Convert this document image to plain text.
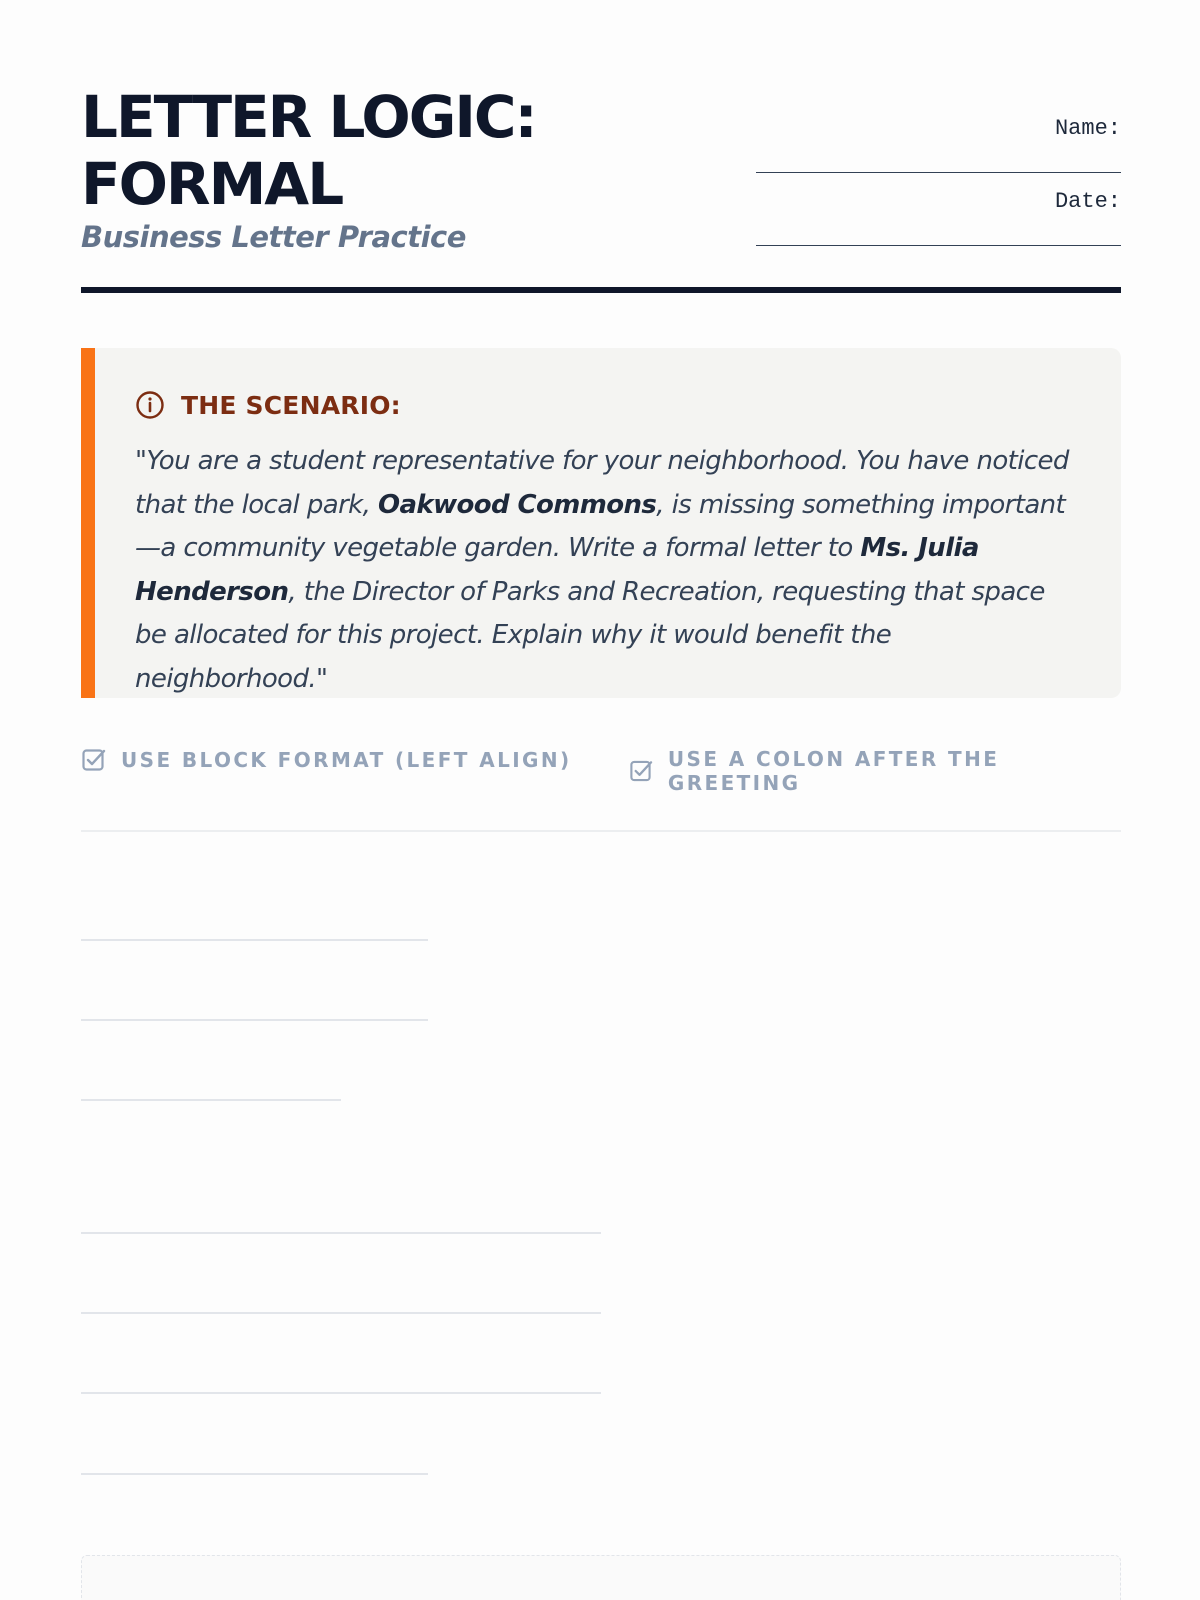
LETTER LOGIC:
FORMAL
Business Letter Practice
Name:
Date:
THE SCENARIO:

"You are a student representative for your neighborhood. You have noticed that the local park, Oakwood Commons, is missing something important—a community vegetable garden. Write a formal letter to Ms. Julia Henderson, the Director of Parks and Recreation, requesting that space be allocated for this project. Explain why it would benefit the neighborhood."

USE BLOCK FORMAT (LEFT ALIGN)	USE A COLON AFTER THE GREETING
